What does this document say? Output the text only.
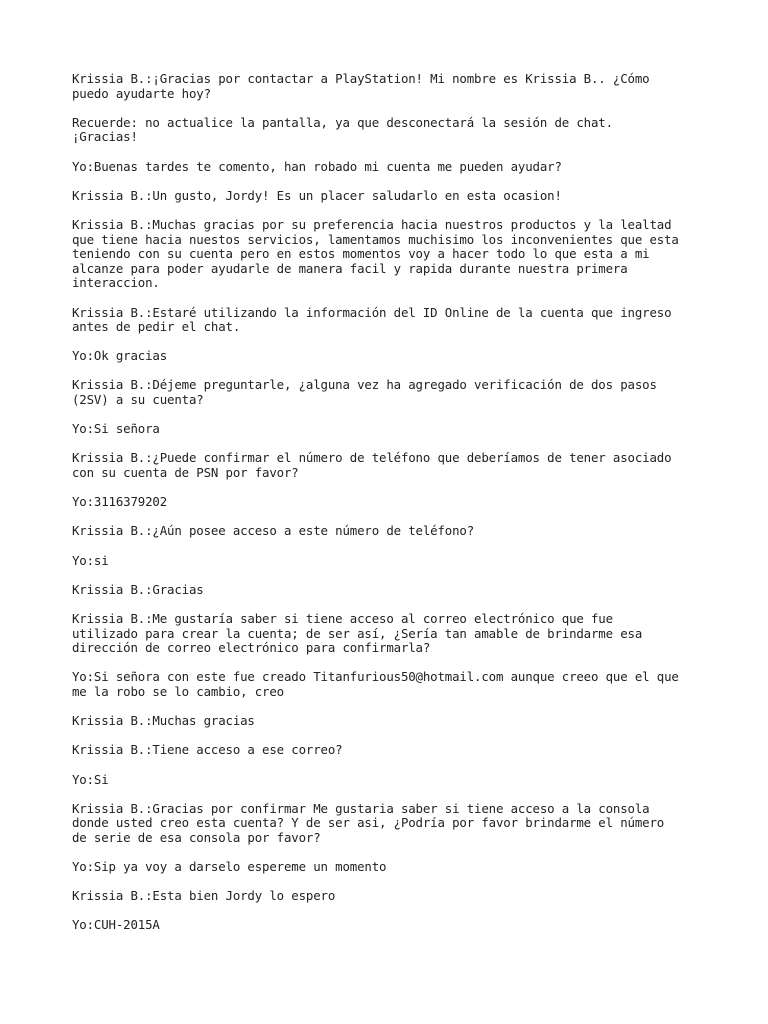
Krissia B.:¡Gracias por contactar a PlayStation! Mi nombre es Krissia B.. ¿Cómo
puedo ayudarte hoy?

Recuerde: no actualice la pantalla, ya que desconectará la sesión de chat.
¡Gracias!

Yo:Buenas tardes te comento, han robado mi cuenta me pueden ayudar?

Krissia B.:Un gusto, Jordy! Es un placer saludarlo en esta ocasion!

Krissia B.:Muchas gracias por su preferencia hacia nuestros productos y la lealtad
que tiene hacia nuestos servicios, lamentamos muchisimo los inconvenientes que esta
teniendo con su cuenta pero en estos momentos voy a hacer todo lo que esta a mi
alcanze para poder ayudarle de manera facil y rapida durante nuestra primera
interaccion.

Krissia B.:Estaré utilizando la información del ID Online de la cuenta que ingreso
antes de pedir el chat.

Yo:Ok gracias

Krissia B.:Déjeme preguntarle, ¿alguna vez ha agregado verificación de dos pasos
(2SV) a su cuenta?

Yo:Si señora

Krissia B.:¿Puede confirmar el número de teléfono que deberíamos de tener asociado
con su cuenta de PSN por favor?

Yo:3116379202

Krissia B.:¿Aún posee acceso a este número de teléfono?

Yo:si

Krissia B.:Gracias

Krissia B.:Me gustaría saber si tiene acceso al correo electrónico que fue
utilizado para crear la cuenta; de ser así, ¿Sería tan amable de brindarme esa
dirección de correo electrónico para confirmarla?

Yo:Si señora con este fue creado Titanfurious50@hotmail.com aunque creeo que el que
me la robo se lo cambio, creo

Krissia B.:Muchas gracias

Krissia B.:Tiene acceso a ese correo?

Yo:Si

Krissia B.:Gracias por confirmar Me gustaria saber si tiene acceso a la consola
donde usted creo esta cuenta? Y de ser asi, ¿Podría por favor brindarme el número
de serie de esa consola por favor?

Yo:Sip ya voy a darselo espereme un momento

Krissia B.:Esta bien Jordy lo espero

Yo:CUH-2015A
